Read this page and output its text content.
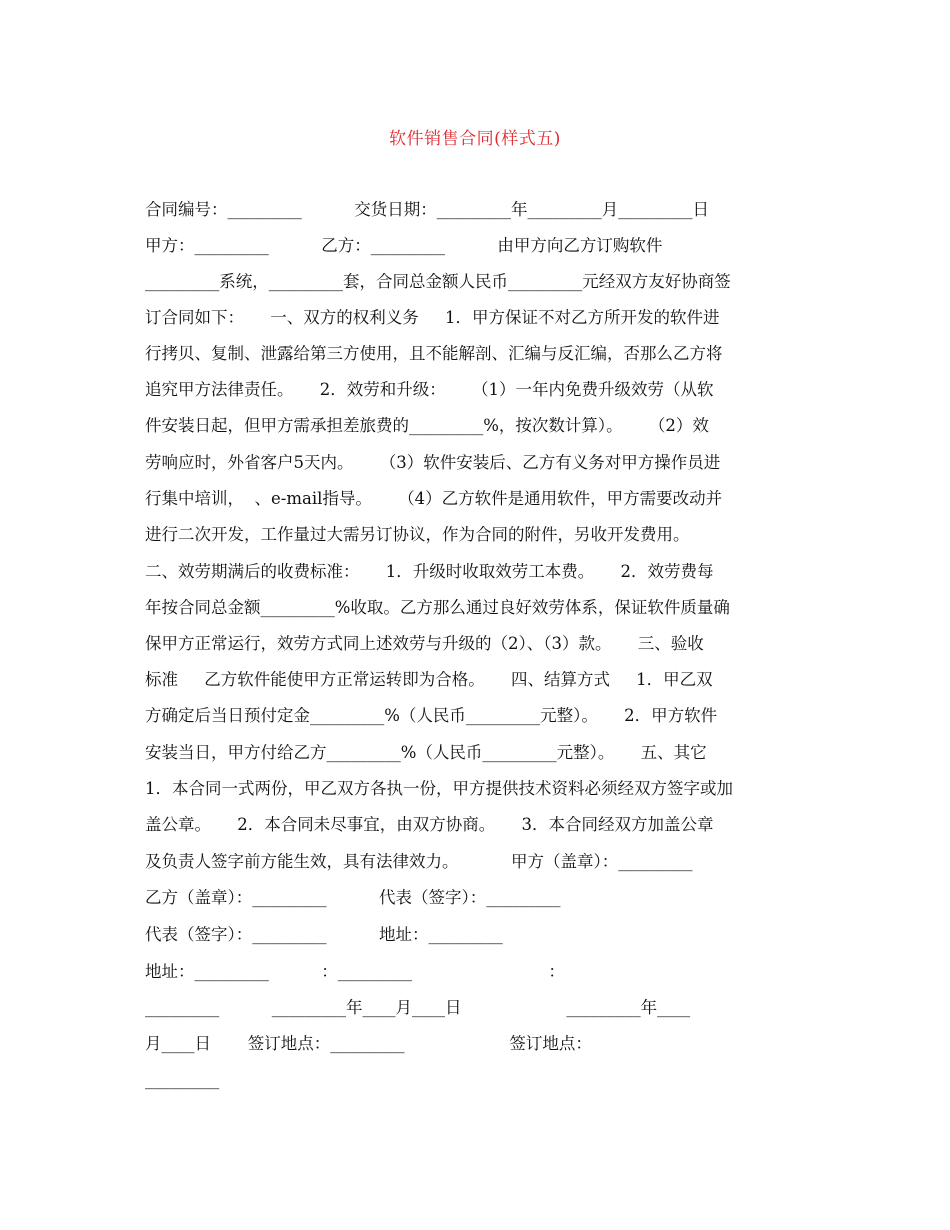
软件销售合同(样式五)

合同编号：_________          交货日期：_________年_________月_________日

甲方：_________          乙方：_________          由甲方向乙方订购软件

_________系统，_________套，合同总金额人民币_________元经双方友好协商签

订合同如下：     一、双方的权利义务     1．甲方保证不对乙方所开发的软件进

行拷贝、复制、泄露给第三方使用，且不能解剖、汇编与反汇编，否那么乙方将

追究甲方法律责任。     2．效劳和升级：     （1）一年内免费升级效劳（从软

件安装日起，但甲方需承担差旅费的_________%，按次数计算）。     （2）效

劳响应时，外省客户5天内。     （3）软件安装后、乙方有义务对甲方操作员进

行集中培训，  、e-mail指导。     （4）乙方软件是通用软件，甲方需要改动并

进行二次开发，工作量过大需另订协议，作为合同的附件，另收开发费用。

二、效劳期满后的收费标准：     1．升级时收取效劳工本费。     2．效劳费每

年按合同总金额_________%收取。乙方那么通过良好效劳体系，保证软件质量确

保甲方正常运行，效劳方式同上述效劳与升级的（2）、（3）款。     三、验收

标准     乙方软件能使甲方正常运转即为合格。     四、结算方式     1．甲乙双

方确定后当日预付定金_________%（人民币_________元整）。     2．甲方软件

安装当日，甲方付给乙方_________%（人民币_________元整）。     五、其它

1．本合同一式两份，甲乙双方各执一份，甲方提供技术资料必须经双方签字或加

盖公章。     2．本合同未尽事宜，由双方协商。     3．本合同经双方加盖公章

及负责人签字前方能生效，具有法律效力。          甲方（盖章）：_________

乙方（盖章）：_________          代表（签字）：_________

代表（签字）：_________          地址：_________

地址：_________          ：_________                          ：

_________          _________年____月____日                    _________年____

月____日       签订地点：_________                    签订地点：

_________
